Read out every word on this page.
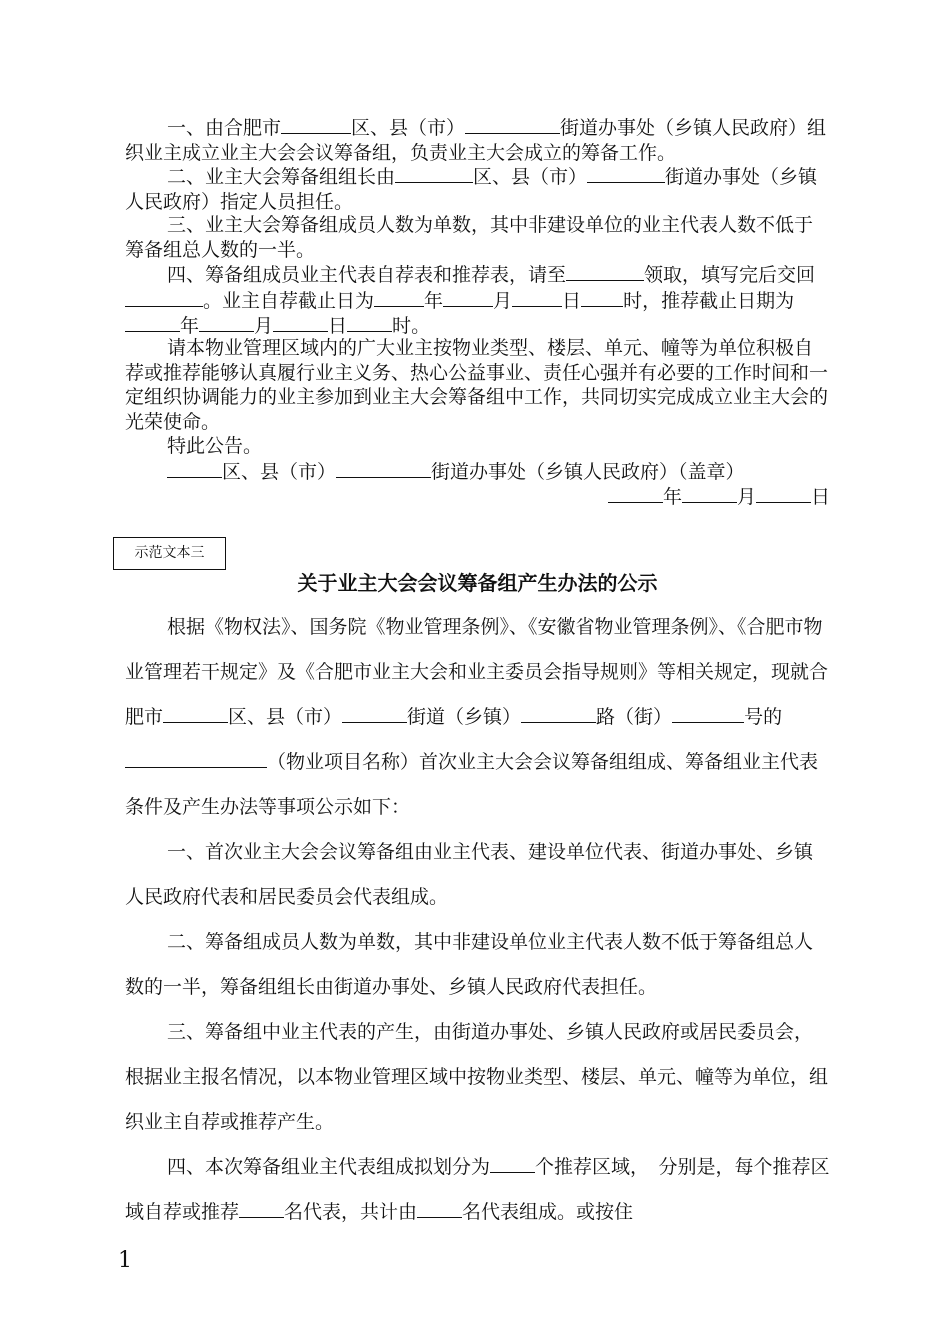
一、由合肥市	区、县（市）	街道办事处（乡镇人民政府）组织业主成立业主大会会议筹备组，负责业主大会成立的筹备工作。

二、业主大会筹备组组长由	区、县（市）	街道办事处（乡镇人民政府）指定人员担任。

三、业主大会筹备组成员人数为单数，其中非建设单位的业主代表人数不低于筹备组总人数的一半。

四、筹备组成员业主代表自荐表和推荐表，请至	领取，填写完后交回。业主自荐截止日为	年	月	日 时，推荐截止日期为年	月	日 时。

请本物业管理区域内的广大业主按物业类型、楼层、单元、幢等为单位积极自荐或推荐能够认真履行业主义务、热心公益事业、责任心强并有必要的工作时间和一定组织协调能力的业主参加到业主大会筹备组中工作，共同切实完成成立业主大会的光荣使命。

特此公告。

区、县（市）	街道办事处（乡镇人民政府）（盖章）

年	月	日

示范文本三
关于业主大会会议筹备组产生办法的公示

根据《物权法》、国务院《物业管理条例》、《安徽省物业管理条例》、《合肥市物业管理若干规定》及《合肥市业主大会和业主委员会指导规则》等相关规定，现就合肥市	区、县（市）	街道（乡镇）	路（街）	号的（物业项目名称）首次业主大会会议筹备组组成、筹备组业主代表条件及产生办法等事项公示如下：

一、首次业主大会会议筹备组由业主代表、建设单位代表、街道办事处、乡镇人民政府代表和居民委员会代表组成。

二、筹备组成员人数为单数，其中非建设单位业主代表人数不低于筹备组总人数的一半，筹备组组长由街道办事处、乡镇人民政府代表担任。

三、筹备组中业主代表的产生，由街道办事处、乡镇人民政府或居民委员会，根据业主报名情况，以本物业管理区域中按物业类型、楼层、单元、幢等为单位，组织业主自荐或推荐产生。

四、本次筹备组业主代表组成拟划分为 个推荐区域，　分别是，每个推荐区域自荐或推荐 名代表，共计由 名代表组成。或按住

1
